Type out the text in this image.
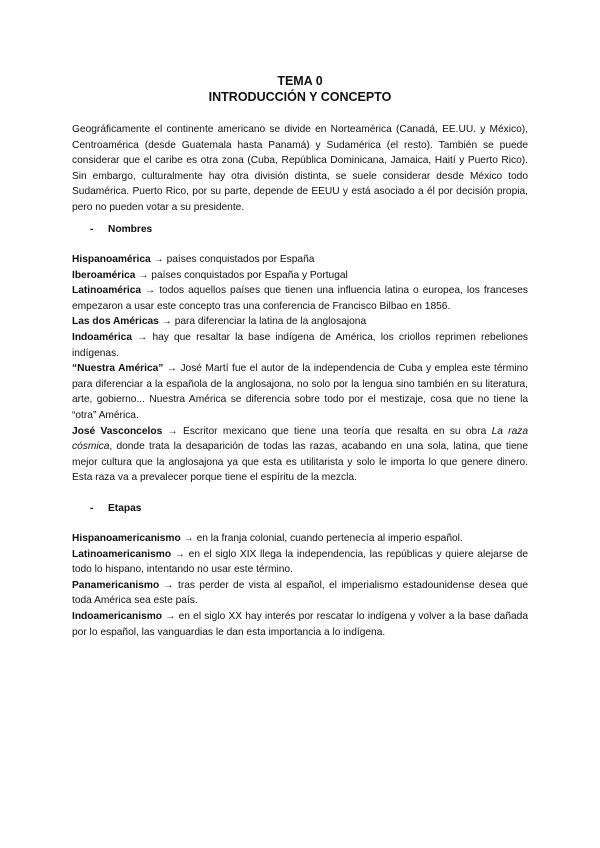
TEMA 0
INTRODUCCIÓN Y CONCEPTO

Geográficamente el continente americano se divide en Norteamérica (Canadá, EE.UU. y México), Centroamérica (desde Guatemala hasta Panamá) y Sudamérica (el resto). También se puede considerar que el caribe es otra zona (Cuba, República Dominicana, Jamaica, Haití y Puerto Rico). Sin embargo, culturalmente hay otra división distinta, se suele considerar desde México todo Sudamérica. Puerto Rico, por su parte, depende de EEUU y está asociado a él por decisión propia, pero no pueden votar a su presidente.

- Nombres

Hispanoamérica → países conquistados por España

Iberoamérica → países conquistados por España y Portugal

Latinoamérica → todos aquellos países que tienen una influencia latina o europea, los franceses empezaron a usar este concepto tras una conferencia de Francisco Bilbao en 1856.

Las dos Américas → para diferenciar la latina de la anglosajona

Indoamérica → hay que resaltar la base indígena de América, los criollos reprimen rebeliones indígenas.

“Nuestra América” → José Martí fue el autor de la independencia de Cuba y emplea este término para diferenciar a la española de la anglosajona, no solo por la lengua sino también en su literatura, arte, gobierno... Nuestra América se diferencia sobre todo por el mestizaje, cosa que no tiene la “otra” América.

José Vasconcelos → Escritor mexicano que tiene una teoría que resalta en su obra La raza cósmica, donde trata la desaparición de todas las razas, acabando en una sola, latina, que tiene mejor cultura que la anglosajona ya que esta es utilitarista y solo le importa lo que genere dinero. Esta raza va a prevalecer porque tiene el espíritu de la mezcla.

- Etapas

Hispanoamericanismo → en la franja colonial, cuando pertenecía al imperio español.

Latinoamericanismo → en el siglo XIX llega la independencia, las repúblicas y quiere alejarse de todo lo hispano, intentando no usar este término.

Panamericanismo → tras perder de vista al español, el imperialismo estadounidense desea que toda América sea este país.

Indoamericanismo → en el siglo XX hay interés por rescatar lo indígena y volver a la base dañada por lo español, las vanguardias le dan esta importancia a lo indígena.
